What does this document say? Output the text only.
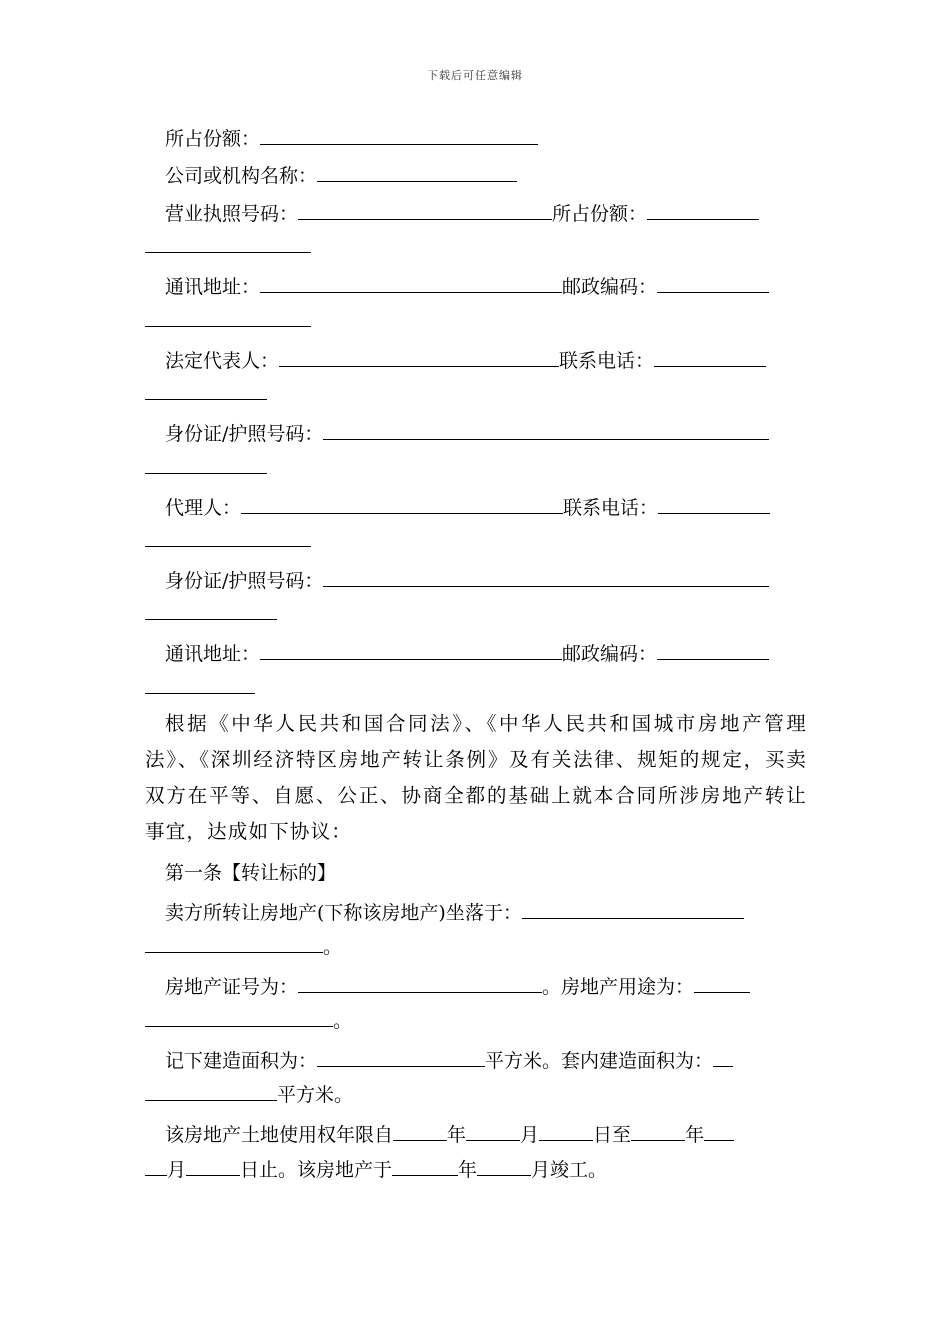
下载后可任意编辑
所占份额：
公司或机构名称：
营业执照号码：	所占份额：
通讯地址：	邮政编码：
法定代表人：	联系电话：
身份证/护照号码：
代理人：	联系电话：
身份证/护照号码：
通讯地址：	邮政编码：
根据《中华人民共和国合同法》、《中华人民共和国城市房地产管理法》、《深圳经济特区房地产转让条例》及有关法律、规矩的规定，买卖双方在平等、自愿、公正、协商全都的基础上就本合同所涉房地产转让事宜，达成如下协议：
第一条【转让标的】
卖方所转让房地产(下称该房地产)坐落于：
。
房地产证号为：	。房地产用途为：
。
记下建造面积为：	平方米。套内建造面积为：
平方米。
该房地产土地使用权年限自	年	月	日至	年
月	日止。该房地产于	年	月竣工。
